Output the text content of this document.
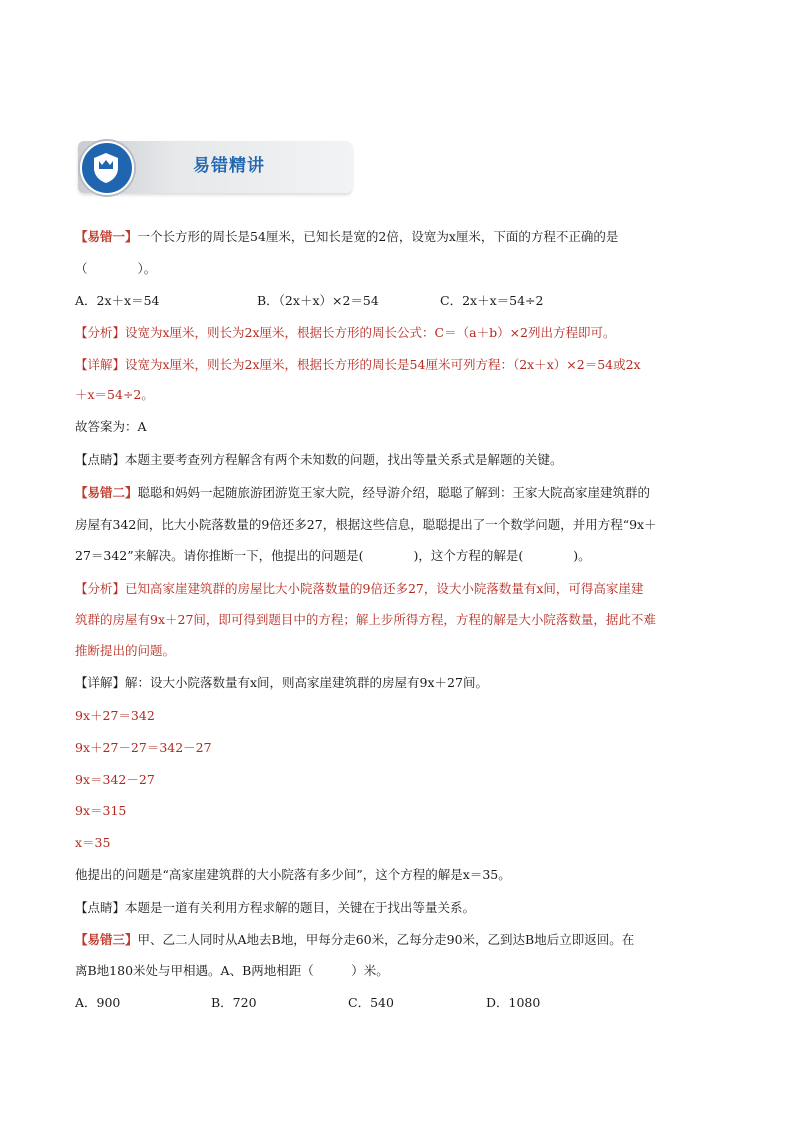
易错精讲
【易错一】一个长方形的周长是54厘米，已知长是宽的2倍，设宽为x厘米，下面的方程不正确的是
（　　　　）。
A．2x＋x＝54	B．（2x＋x）×2＝54	C．2x＋x＝54÷2
【分析】设宽为x厘米，则长为2x厘米，根据长方形的周长公式：C＝（a＋b）×2列出方程即可。
【详解】设宽为x厘米，则长为2x厘米，根据长方形的周长是54厘米可列方程：（2x＋x）×2＝54或2x
＋x＝54÷2。
故答案为：A
【点睛】本题主要考查列方程解含有两个未知数的问题，找出等量关系式是解题的关键。
【易错二】聪聪和妈妈一起随旅游团游览王家大院，经导游介绍，聪聪了解到：王家大院高家崖建筑群的
房屋有342间，比大小院落数量的9倍还多27，根据这些信息，聪聪提出了一个数学问题，并用方程“9x＋
27＝342”来解决。请你推断一下，他提出的问题是(　　　　)，这个方程的解是(　　　　)。
【分析】已知高家崖建筑群的房屋比大小院落数量的9倍还多27，设大小院落数量有x间，可得高家崖建
筑群的房屋有9x＋27间，即可得到题目中的方程；解上步所得方程，方程的解是大小院落数量，据此不难
推断提出的问题。
【详解】解：设大小院落数量有x间，则高家崖建筑群的房屋有9x＋27间。
9x＋27＝342
9x＋27－27＝342－27
9x＝342－27
9x＝315
x＝35
他提出的问题是“高家崖建筑群的大小院落有多少间”，这个方程的解是x＝35。
【点睛】本题是一道有关利用方程求解的题目，关键在于找出等量关系。
【易错三】甲、乙二人同时从A地去B地，甲每分走60米，乙每分走90米，乙到达B地后立即返回。在
离B地180米处与甲相遇。A、B两地相距（　　　）米。
A．900	B．720	C．540	D．1080
